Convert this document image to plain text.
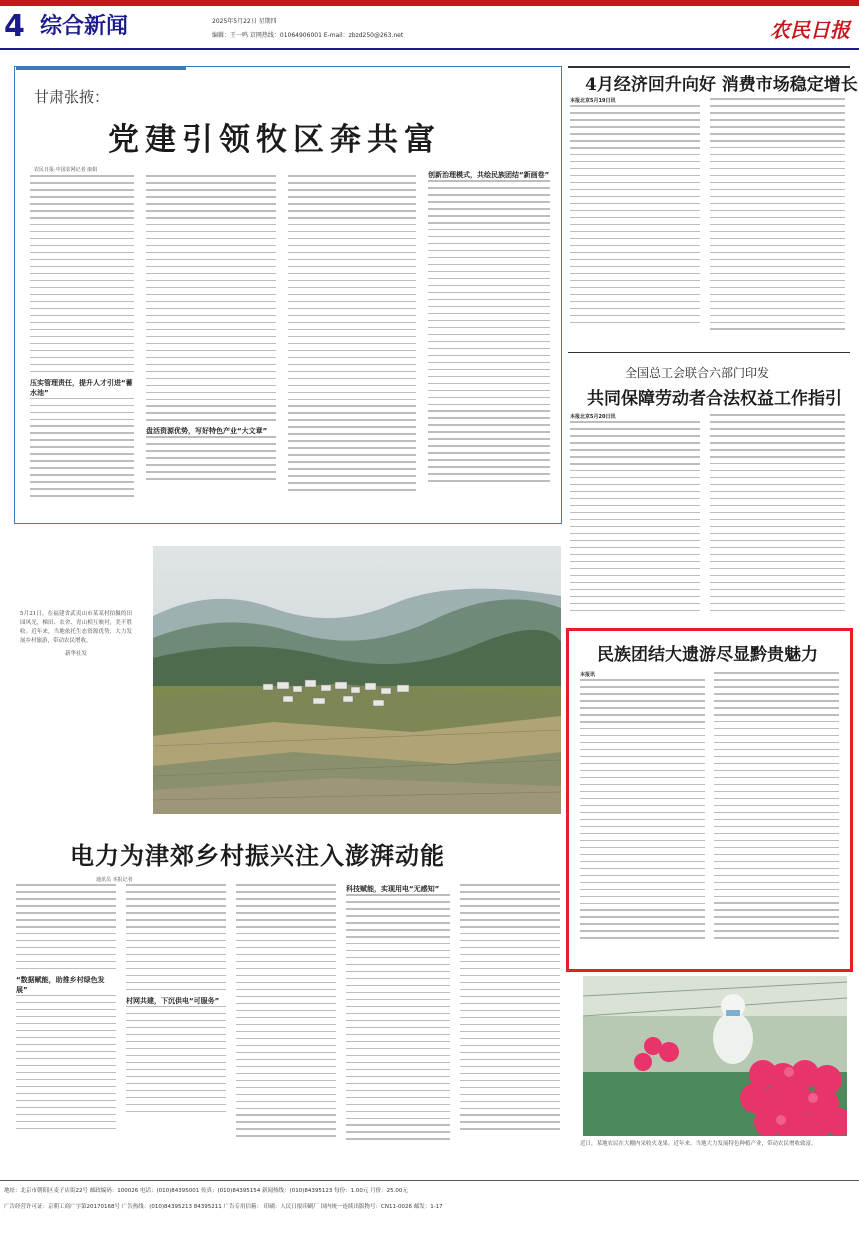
4 综合新闻	2025年5月22日 星期四
编辑：王一鸣 京网热线：01064906001 E-mail：zbzd250@263.net	农民日报
甘肃张掖：
党建引领牧区奔共富
农民日报·中国农网记者 康娟
压实管理责任，提升人才引进“蓄水池”
盘活资源优势，写好特色产业“大文章”
创新治理模式，共绘民族团结“新画卷”
4月经济回升向好 消费市场稳定增长
本报北京5月19日讯
全国总工会联合六部门印发
共同保障劳动者合法权益工作指引
本报北京5月20日讯
5月21日，在福建省武夷山市某某村拍摄的田园风光，梯田、农舍、青山相互映衬，美不胜收。近年来，当地依托生态资源优势，大力发展乡村旅游，带动农民增收。

新华社发
电力为津郊乡村振兴注入澎湃动能
通讯员 本报记者
“数据赋能，助推乡村绿色发展”
村网共建，下沉供电“可服务”
科技赋能，实现用电“无感知”
民族团结大遗游尽显黔贵魅力
本报讯
近日，某地农民在大棚内采收火龙果。近年来，当地大力发展特色种植产业，带动农民增收致富。
地址：北京市朝阳区麦子店街22号 邮政编码：100026 电话：(010)84395001 传真：(010)84395154 新闻热线：(010)84395123 每份：1.00元 月价：25.00元
广告经营许可证：京朝工商广字第20170168号 广告热线：(010)84395213 84395211 广告专用信箱： 印刷：人民日报印刷厂 国内统一连续出版物号：CN11-0026 邮发：1-17
